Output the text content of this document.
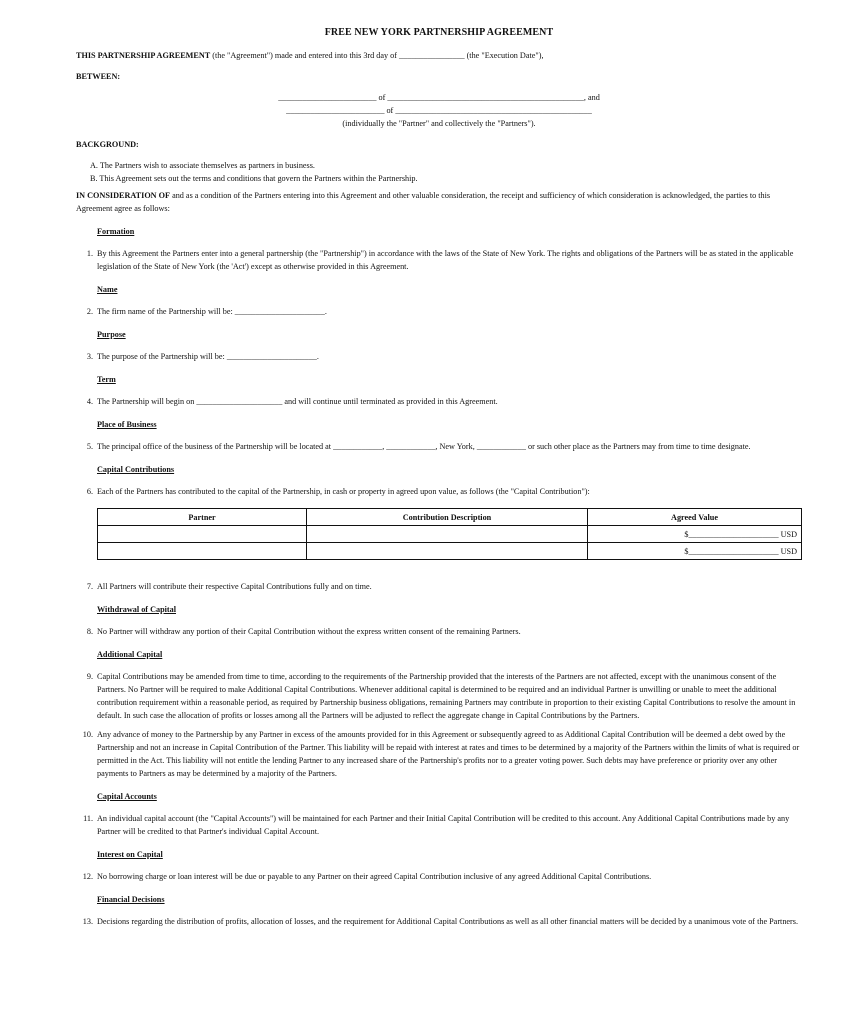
FREE NEW YORK PARTNERSHIP AGREEMENT

THIS PARTNERSHIP AGREEMENT (the "Agreement") made and entered into this 3rd day of ________________ (the "Execution Date"),

BETWEEN:

________________________ of ________________________________________________, and

________________________ of ________________________________________________

(individually the "Partner" and collectively the "Partners").

BACKGROUND:

A. The Partners wish to associate themselves as partners in business.
B. This Agreement sets out the terms and conditions that govern the Partners within the Partnership.

IN CONSIDERATION OF and as a condition of the Partners entering into this Agreement and other valuable consideration, the receipt and sufficiency of which consideration is acknowledged, the parties to this Agreement agree as follows:

Formation
1. By this Agreement the Partners enter into a general partnership (the "Partnership") in accordance with the laws of the State of New York. The rights and obligations of the Partners will be as stated in the applicable legislation of the State of New York (the 'Act') except as otherwise provided in this Agreement.
Name
2. The firm name of the Partnership will be: ______________________.
Purpose
3. The purpose of the Partnership will be: ______________________.
Term
4. The Partnership will begin on _____________________ and will continue until terminated as provided in this Agreement.
Place of Business
5. The principal office of the business of the Partnership will be located at ____________, ____________, New York, ____________ or such other place as the Partners may from time to time designate.
Capital Contributions
6. Each of the Partners has contributed to the capital of the Partnership, in cash or property in agreed upon value, as follows (the "Capital Contribution"):
Partner	Contribution Description	Agreed Value
		$______________________ USD
		$______________________ USD
7. All Partners will contribute their respective Capital Contributions fully and on time.
Withdrawal of Capital
8. No Partner will withdraw any portion of their Capital Contribution without the express written consent of the remaining Partners.
Additional Capital
9. Capital Contributions may be amended from time to time, according to the requirements of the Partnership provided that the interests of the Partners are not affected, except with the unanimous consent of the Partners. No Partner will be required to make Additional Capital Contributions. Whenever additional capital is determined to be required and an individual Partner is unwilling or unable to meet the additional contribution requirement within a reasonable period, as required by Partnership business obligations, remaining Partners may contribute in proportion to their existing Capital Contributions to resolve the amount in default. In such case the allocation of profits or losses among all the Partners will be adjusted to reflect the aggregate change in Capital Contributions by the Partners.
10. Any advance of money to the Partnership by any Partner in excess of the amounts provided for in this Agreement or subsequently agreed to as Additional Capital Contribution will be deemed a debt owed by the Partnership and not an increase in Capital Contribution of the Partner. This liability will be repaid with interest at rates and times to be determined by a majority of the Partners within the limits of what is required or permitted in the Act. This liability will not entitle the lending Partner to any increased share of the Partnership's profits nor to a greater voting power. Such debts may have preference or priority over any other payments to Partners as may be determined by a majority of the Partners.
Capital Accounts
11. An individual capital account (the "Capital Accounts") will be maintained for each Partner and their Initial Capital Contribution will be credited to this account. Any Additional Capital Contributions made by any Partner will be credited to that Partner's individual Capital Account.
Interest on Capital
12. No borrowing charge or loan interest will be due or payable to any Partner on their agreed Capital Contribution inclusive of any agreed Additional Capital Contributions.
Financial Decisions
13. Decisions regarding the distribution of profits, allocation of losses, and the requirement for Additional Capital Contributions as well as all other financial matters will be decided by a unanimous vote of the Partners.
